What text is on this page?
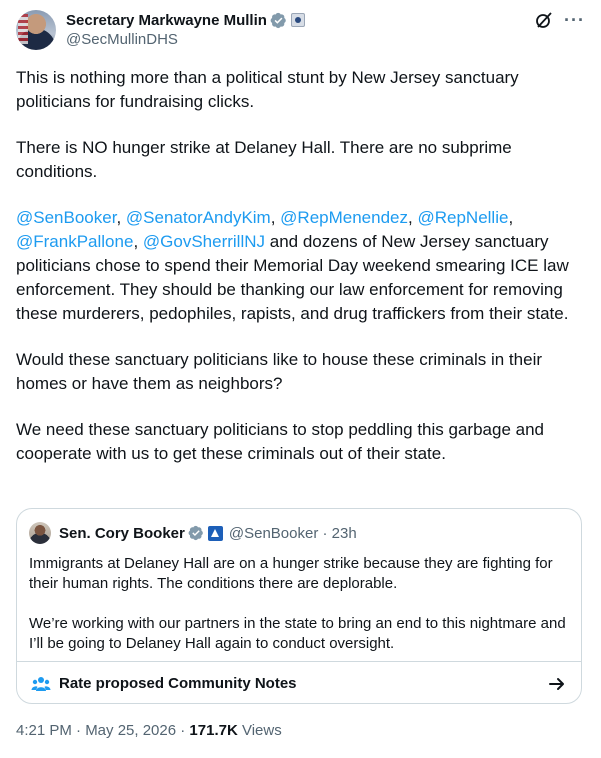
Secretary Markwayne Mullin
@SecMullinDHS
···

This is nothing more than a political stunt by New Jersey sanctuary politicians for fundraising clicks.

There is NO hunger strike at Delaney Hall. There are no subprime conditions.

@SenBooker, @SenatorAndyKim, @RepMenendez, @RepNellie, @FrankPallone, @GovSherrillNJ and dozens of New Jersey sanctuary politicians chose to spend their Memorial Day weekend smearing ICE law enforcement. They should be thanking our law enforcement for removing these murderers, pedophiles, rapists, and drug traffickers from their state.

Would these sanctuary politicians like to house these criminals in their homes or have them as neighbors?

We need these sanctuary politicians to stop peddling this garbage and cooperate with us to get these criminals out of their state.

Sen. Cory Booker	@SenBooker · 23h

Immigrants at Delaney Hall are on a hunger strike because they are fighting for their human rights. The conditions there are deplorable.

We’re working with our partners in the state to bring an end to this nightmare and I’ll be going to Delaney Hall again to conduct oversight.

Rate proposed Community Notes
4:21 PM · May 25, 2026 · 171.7K Views
